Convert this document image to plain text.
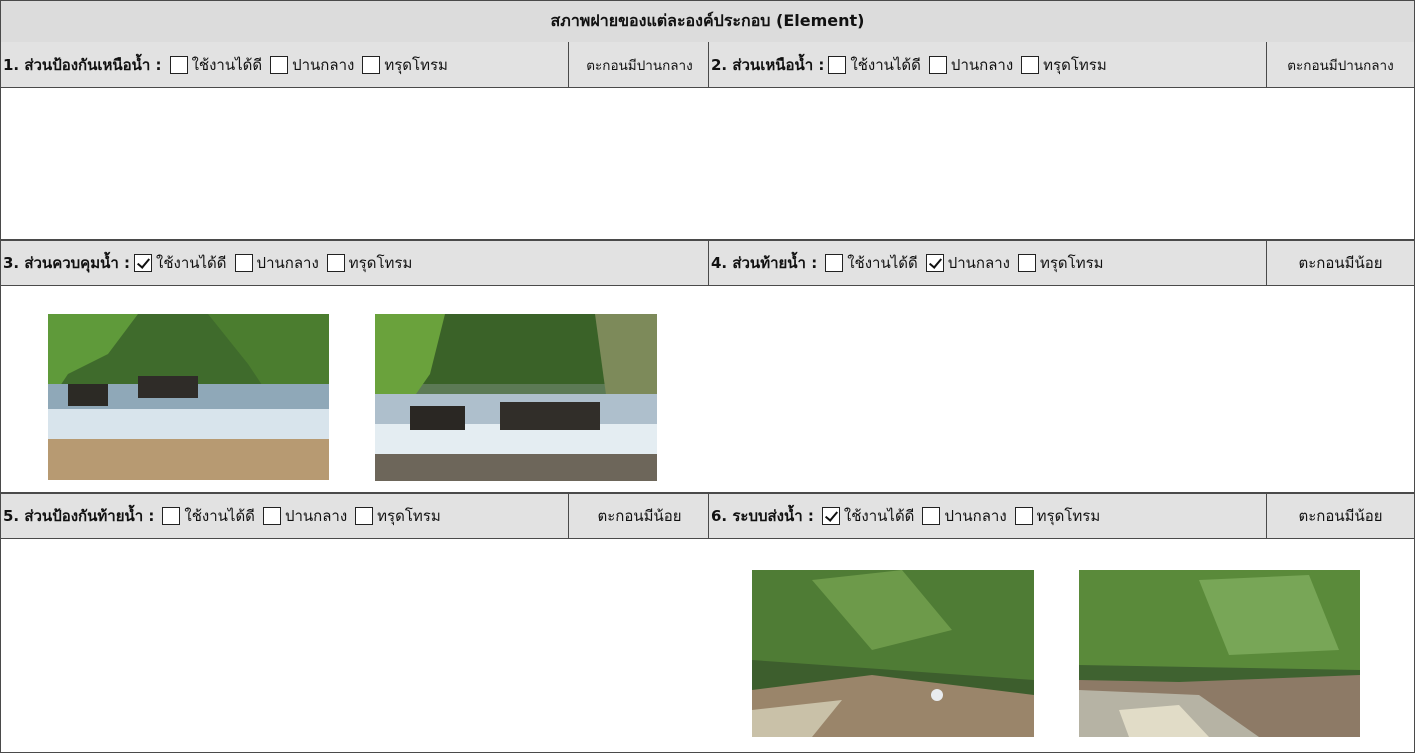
สภาพฝายของแต่ละองค์ประกอบ (Element)
1. ส่วนป้องกันเหนือน้ำ : ใช้งานได้ดี ปานกลาง ทรุดโทรม	ตะกอนมีปานกลาง	2. ส่วนเหนือน้ำ : ใช้งานได้ดี ปานกลาง ทรุดโทรม	ตะกอนมีปานกลาง
3. ส่วนควบคุมน้ำ : ใช้งานได้ดี ปานกลาง ทรุดโทรม	4. ส่วนท้ายน้ำ : ใช้งานได้ดี ปานกลาง ทรุดโทรม	ตะกอนมีน้อย
5. ส่วนป้องกันท้ายน้ำ : ใช้งานได้ดี ปานกลาง ทรุดโทรม	ตะกอนมีน้อย	6. ระบบส่งน้ำ : ใช้งานได้ดี ปานกลาง ทรุดโทรม	ตะกอนมีน้อย
